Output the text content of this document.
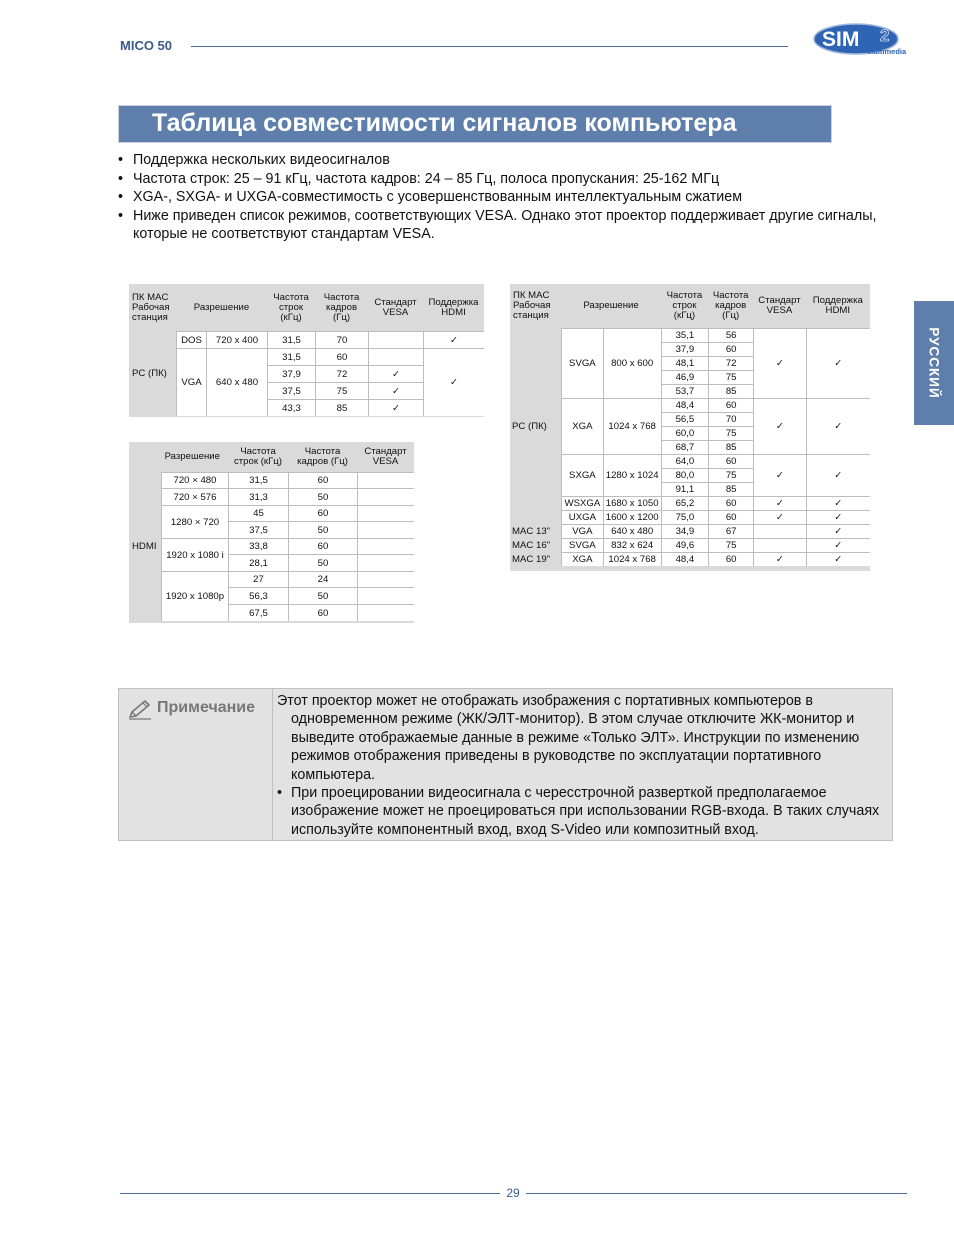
MICO 50	SIM 2
Multimedia
РУССКИЙ
Таблица совместимости сигналов компьютера
• Поддержка нескольких видеосигналов
• Частота строк: 25 – 91 кГц, частота кадров: 24 – 85 Гц, полоса пропускания: 25-162 МГц
• XGA-, SXGA- и UXGA-совместимость с усовершенствованным интеллектуальным сжатием
• Ниже приведен список режимов, соответствующих VESA. Однако этот проектор поддерживает другие сигналы, которые не соответствуют стандартам VESA.
ПК MAC Рабочая станция	Разрешение		Частота строк (кГц)	Частота кадров (Гц)	Стандарт VESA	Поддержка HDMI
PC (ПК)	DOS	720 x 400	31,5	70		✓
	VGA	640 x 480	31,5	60		✓
			37,9	72	✓	
			37,5	75	✓	
			43,3	85	✓	
Разрешение		Частота строк (кГц)	Частота кадров (Гц)	Стандарт VESA
HDMI	720 × 480	31,5	60	
	720 × 576	31,3	50	
	1280 × 720	45	60	
		37,5	50	
	1920 x 1080 i	33,8	60	
		28,1	50	
	1920 x 1080p	27	24	
		56,3	50	
		67,5	60	
ПК MAC Рабочая станция	Разрешение		Частота строк (кГц)	Частота кадров (Гц)	Стандарт VESA	Поддержка HDMI
PC (ПК)	SVGA	800 x 600	35,1	56	✓	✓
			37,9	60		
			48,1	72		
			46,9	75		
			53,7	85		
	XGA	1024 x 768	48,4	60	✓	✓
			56,5	70		
			60,0	75		
			68,7	85		
	SXGA	1280 x 1024	64,0	60	✓	✓
			80,0	75		
			91,1	85		
	WSXGA	1680 x 1050	65,2	60	✓	✓
	UXGA	1600 x 1200	75,0	60	✓	✓
MAC 13"	VGA	640 x 480	34,9	67		✓
MAC 16"	SVGA	832 x 624	49,6	75		✓
MAC 19"	XGA	1024 x 768	48,4	60	✓	✓
Примечание Этот проектор может не отображать изображения с портативных компьютеров в одновременном режиме (ЖК/ЭЛТ-монитор). В этом случае отключите ЖК-монитор и выведите отображаемые данные в режиме «Только ЭЛТ». Инструкции по изменению режимов отображения приведены в руководстве по эксплуатации портативного компьютера.
• При проецировании видеосигнала с чересстрочной разверткой предполагаемое изображение может не проецироваться при использовании RGB-входа. В таких случаях используйте компонентный вход, вход S-Video или композитный вход.
29
